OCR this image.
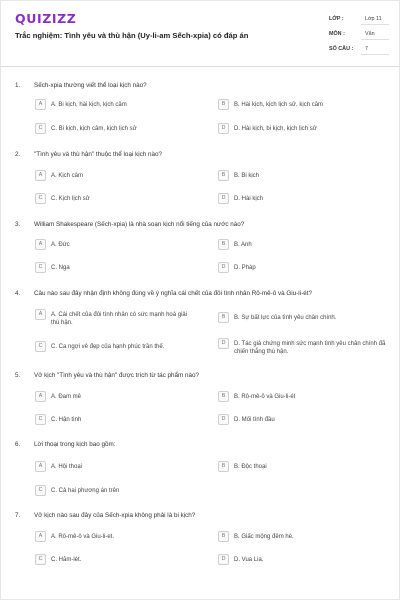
QUIZIZZ
Trắc nghiệm: Tình yêu và thù hận (Uy-li-am Sếch-xpia) có đáp án
LỚP :	Lớp 11
MÔN :	Văn
SỐ CÂU :	7
1. Sếch-xpia thường viết thể loại kịch nào?
A	A. Bi kịch, hài kịch, kịch câm	B	B. Hài kịch, kịch lịch sử, kịch câm
C	C. Bi kịch, kịch câm, kịch lịch sử	D	D. Hài kịch, bi kịch, kịch lịch sử
2. "Tình yêu và thù hận" thuộc thể loại kịch nào?
A	A. Kịch câm	B	B. Bi kịch
C	C. Kịch lịch sử	D	D. Hài kịch
3. William Shakespeare (Sếch-xpia) là nhà soạn kịch nổi tiếng của nước nào?
A	A. Đức	B	B. Anh
C	C. Nga	D	D. Pháp
4. Câu nào sau đây nhận định không đúng về ý nghĩa cái chết của đôi tình nhân Rô-mê-ô và Giu-li-ét?
A	A. Cái chết của đôi tình nhân có sức mạnh hoá giải thù hận.
B	B. Sự bất lực của tình yêu chân chính.
C	C. Ca ngợi vẻ đẹp của hạnh phúc trần thế.
D	D. Tác giả chứng minh sức mạnh tình yêu chân chính đã chiến thắng thù hận.
5. Vở kịch "Tình yêu và thù hận" được trích từ tác phẩm nào?
A	A. Đam mê	B	B. Rô-mê-ô và Giu-li-ét
C	C. Hận tình	D	D. Mối tình đầu
6. Lời thoại trong kịch bao gồm:
A	A. Hội thoại	B	B. Độc thoại
C	C. Cả hai phương án trên
7. Vở kịch nào sau đây của Sếch-xpia không phải là bi kịch?
A	A. Rô-mê-ô và Giu-li-et.	B	B. Giấc mộng đêm hè.
C	C. Hăm-lét.	D	D. Vua Lia.
